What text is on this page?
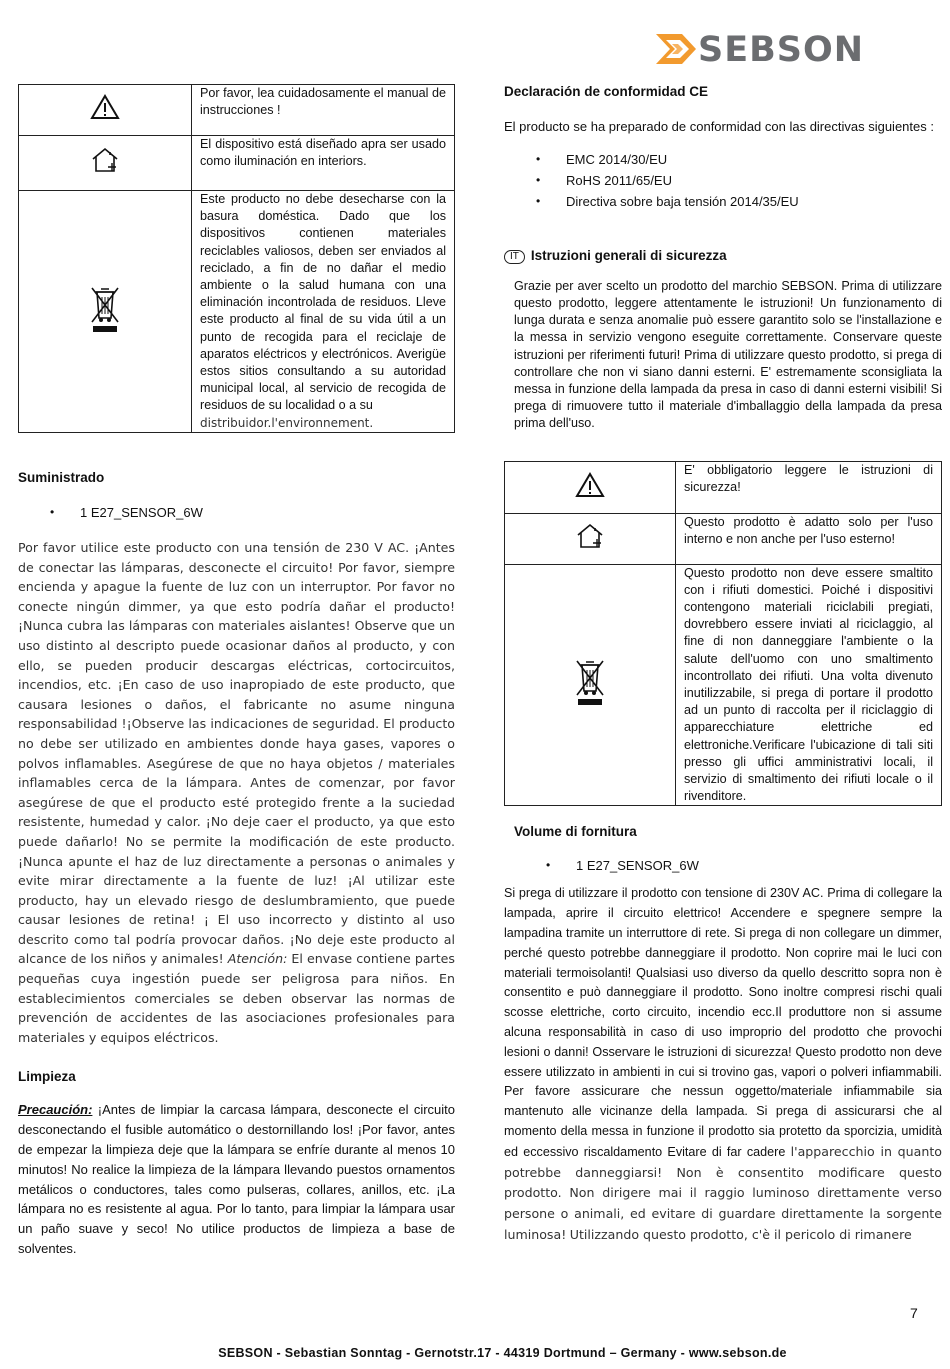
SEBSON
	Por favor, lea cuidadosamente el manual de instrucciones !
	El dispositivo está diseñado apra ser usado como iluminación en interiors.

Este producto no debe desecharse con la basura doméstica. Dado que los dispositivos contienen materiales reciclables valiosos, deben ser enviados al reciclado, a fin de no dañar el medio ambiente o la salud humana con una eliminación incontrolada de residuos. Lleve este producto al final de su vida útil a un punto de recogida para el reciclaje de aparatos eléctricos y electrónicos. Averigüe estos sitios consultando a su autoridad municipal local, al servicio de recogida de residuos de su localidad o a su
distribuidor.l'environnement.
Suministrado
• 1 E27_SENSOR_6W

Por favor utilice este producto con una tensión de 230 V AC. ¡Antes de conectar las lámparas, desconecte el circuito! Por favor, siempre encienda y apague la fuente de luz con un interruptor. Por favor no conecte ningún dimmer, ya que esto podría dañar el producto! ¡Nunca cubra las lámparas con materiales aislantes! Observe que un uso distinto al descripto puede ocasionar daños al producto, y con ello, se pueden producir descargas eléctricas, cortocircuitos, incendios, etc. ¡En caso de uso inapropiado de este producto, que causara lesiones o daños, el fabricante no asume ninguna responsabilidad !¡Observe las indicaciones de seguridad. El producto no debe ser utilizado en ambientes donde haya gases, vapores o polvos inflamables. Asegúrese de que no haya objetos / materiales inflamables cerca de la lámpara. Antes de comenzar, por favor asegúrese de que el producto esté protegido frente a la suciedad resistente, humedad y calor. ¡No deje caer el producto, ya que esto puede dañarlo! No se permite la modificación de este producto. ¡Nunca apunte el haz de luz directamente a personas o animales y evite mirar directamente a la fuente de luz! ¡Al utilizar este producto, hay un elevado riesgo de deslumbramiento, que puede causar lesiones de retina! ¡ El uso incorrecto y distinto al uso descrito como tal podría provocar daños. ¡No deje este producto al alcance de los niños y animales! Atención: El envase contiene partes pequeñas cuya ingestión puede ser peligrosa para niños. En establecimientos comerciales se deben observar las normas de prevención de accidentes de las asociaciones profesionales para materiales y equipos eléctricos.

Limpieza

Precaución: ¡Antes de limpiar la carcasa lámpara, desconecte el circuito desconectando el fusible automático o destornillando los! ¡Por favor, antes de empezar la limpieza deje que la lámpara se enfríe durante al menos 10 minutos! No realice la limpieza de la lámpara llevando puestos ornamentos metálicos o conductores, tales como pulseras, collares, anillos, etc. ¡La lámpara no es resistente al agua. Por lo tanto, para limpiar la lámpara usar un paño suave y seco! No utilice productos de limpieza a base de solventes.

Declaración de conformidad CE

El producto se ha preparado de conformidad con las directivas siguientes :

• EMC 2014/30/EU
• RoHS 2011/65/EU
• Directiva sobre baja tensión 2014/35/EU
IT Istruzioni generali di sicurezza

Grazie per aver scelto un prodotto del marchio SEBSON. Prima di utilizzare questo prodotto, leggere attentamente le istruzioni! Un funzionamento di lunga durata e senza anomalie può essere garantito solo se l'installazione e la messa in servizio vengono eseguite correttamente. Conservare queste istruzioni per riferimenti futuri! Prima di utilizzare questo prodotto, si prega di controllare che non vi siano danni esterni. E' estremamente sconsigliata la messa in funzione della lampada da presa in caso di danni esterni visibili! Si prega di rimuovere tutto il materiale d'imballaggio della lampada da presa prima dell'uso.

	E' obbligatorio leggere le istruzioni di sicurezza!
	Questo prodotto è adatto solo per l'uso interno e non anche per l'uso esterno!
	Questo prodotto non deve essere smaltito con i rifiuti domestici. Poiché i dispositivi contengono materiali riciclabili pregiati, dovrebbero essere inviati al riciclaggio, al fine di non danneggiare l'ambiente o la salute dell'uomo con uno smaltimento incontrollato dei rifiuti. Una volta divenuto inutilizzabile, si prega di portare il prodotto ad un punto di raccolta per il riciclaggio di apparecchiature elettriche ed elettroniche.Verificare l'ubicazione di tali siti presso gli uffici amministrativi locali, il servizio di smaltimento dei rifiuti locale o il rivenditore.
Volume di fornitura
• 1 E27_SENSOR_6W

Si prega di utilizzare il prodotto con tensione di 230V AC. Prima di collegare la lampada, aprire il circuito elettrico! Accendere e spegnere sempre la lampadina tramite un interruttore di rete. Si prega di non collegare un dimmer, perché questo potrebbe danneggiare il prodotto. Non coprire mai le luci con materiali termoisolanti! Qualsiasi uso diverso da quello descritto sopra non è consentito e può danneggiare il prodotto. Sono inoltre compresi rischi quali scosse elettriche, corto circuito, incendio ecc.Il produttore non si assume alcuna responsabilità in caso di uso improprio del prodotto che provochi lesioni o danni! Osservare le istruzioni di sicurezza! Questo prodotto non deve essere utilizzato in ambienti in cui si trovino gas, vapori o polveri infiammabili. Per favore assicurare che nessun oggetto/materiale infiammabile sia mantenuto alle vicinanze della lampada. Si prega di assicurarsi che al momento della messa in funzione il prodotto sia protetto da sporcizia, umidità ed eccessivo riscaldamento Evitare di far cadere l'apparecchio in quanto potrebbe danneggiarsi! Non è consentito modificare questo prodotto. Non dirigere mai il raggio luminoso direttamente verso persone o animali, ed evitare di guardare direttamente la sorgente luminosa! Utilizzando questo prodotto, c'è il pericolo di rimanere

7
SEBSON - Sebastian Sonntag - Gernotstr.17 - 44319 Dortmund – Germany - www.sebson.de
